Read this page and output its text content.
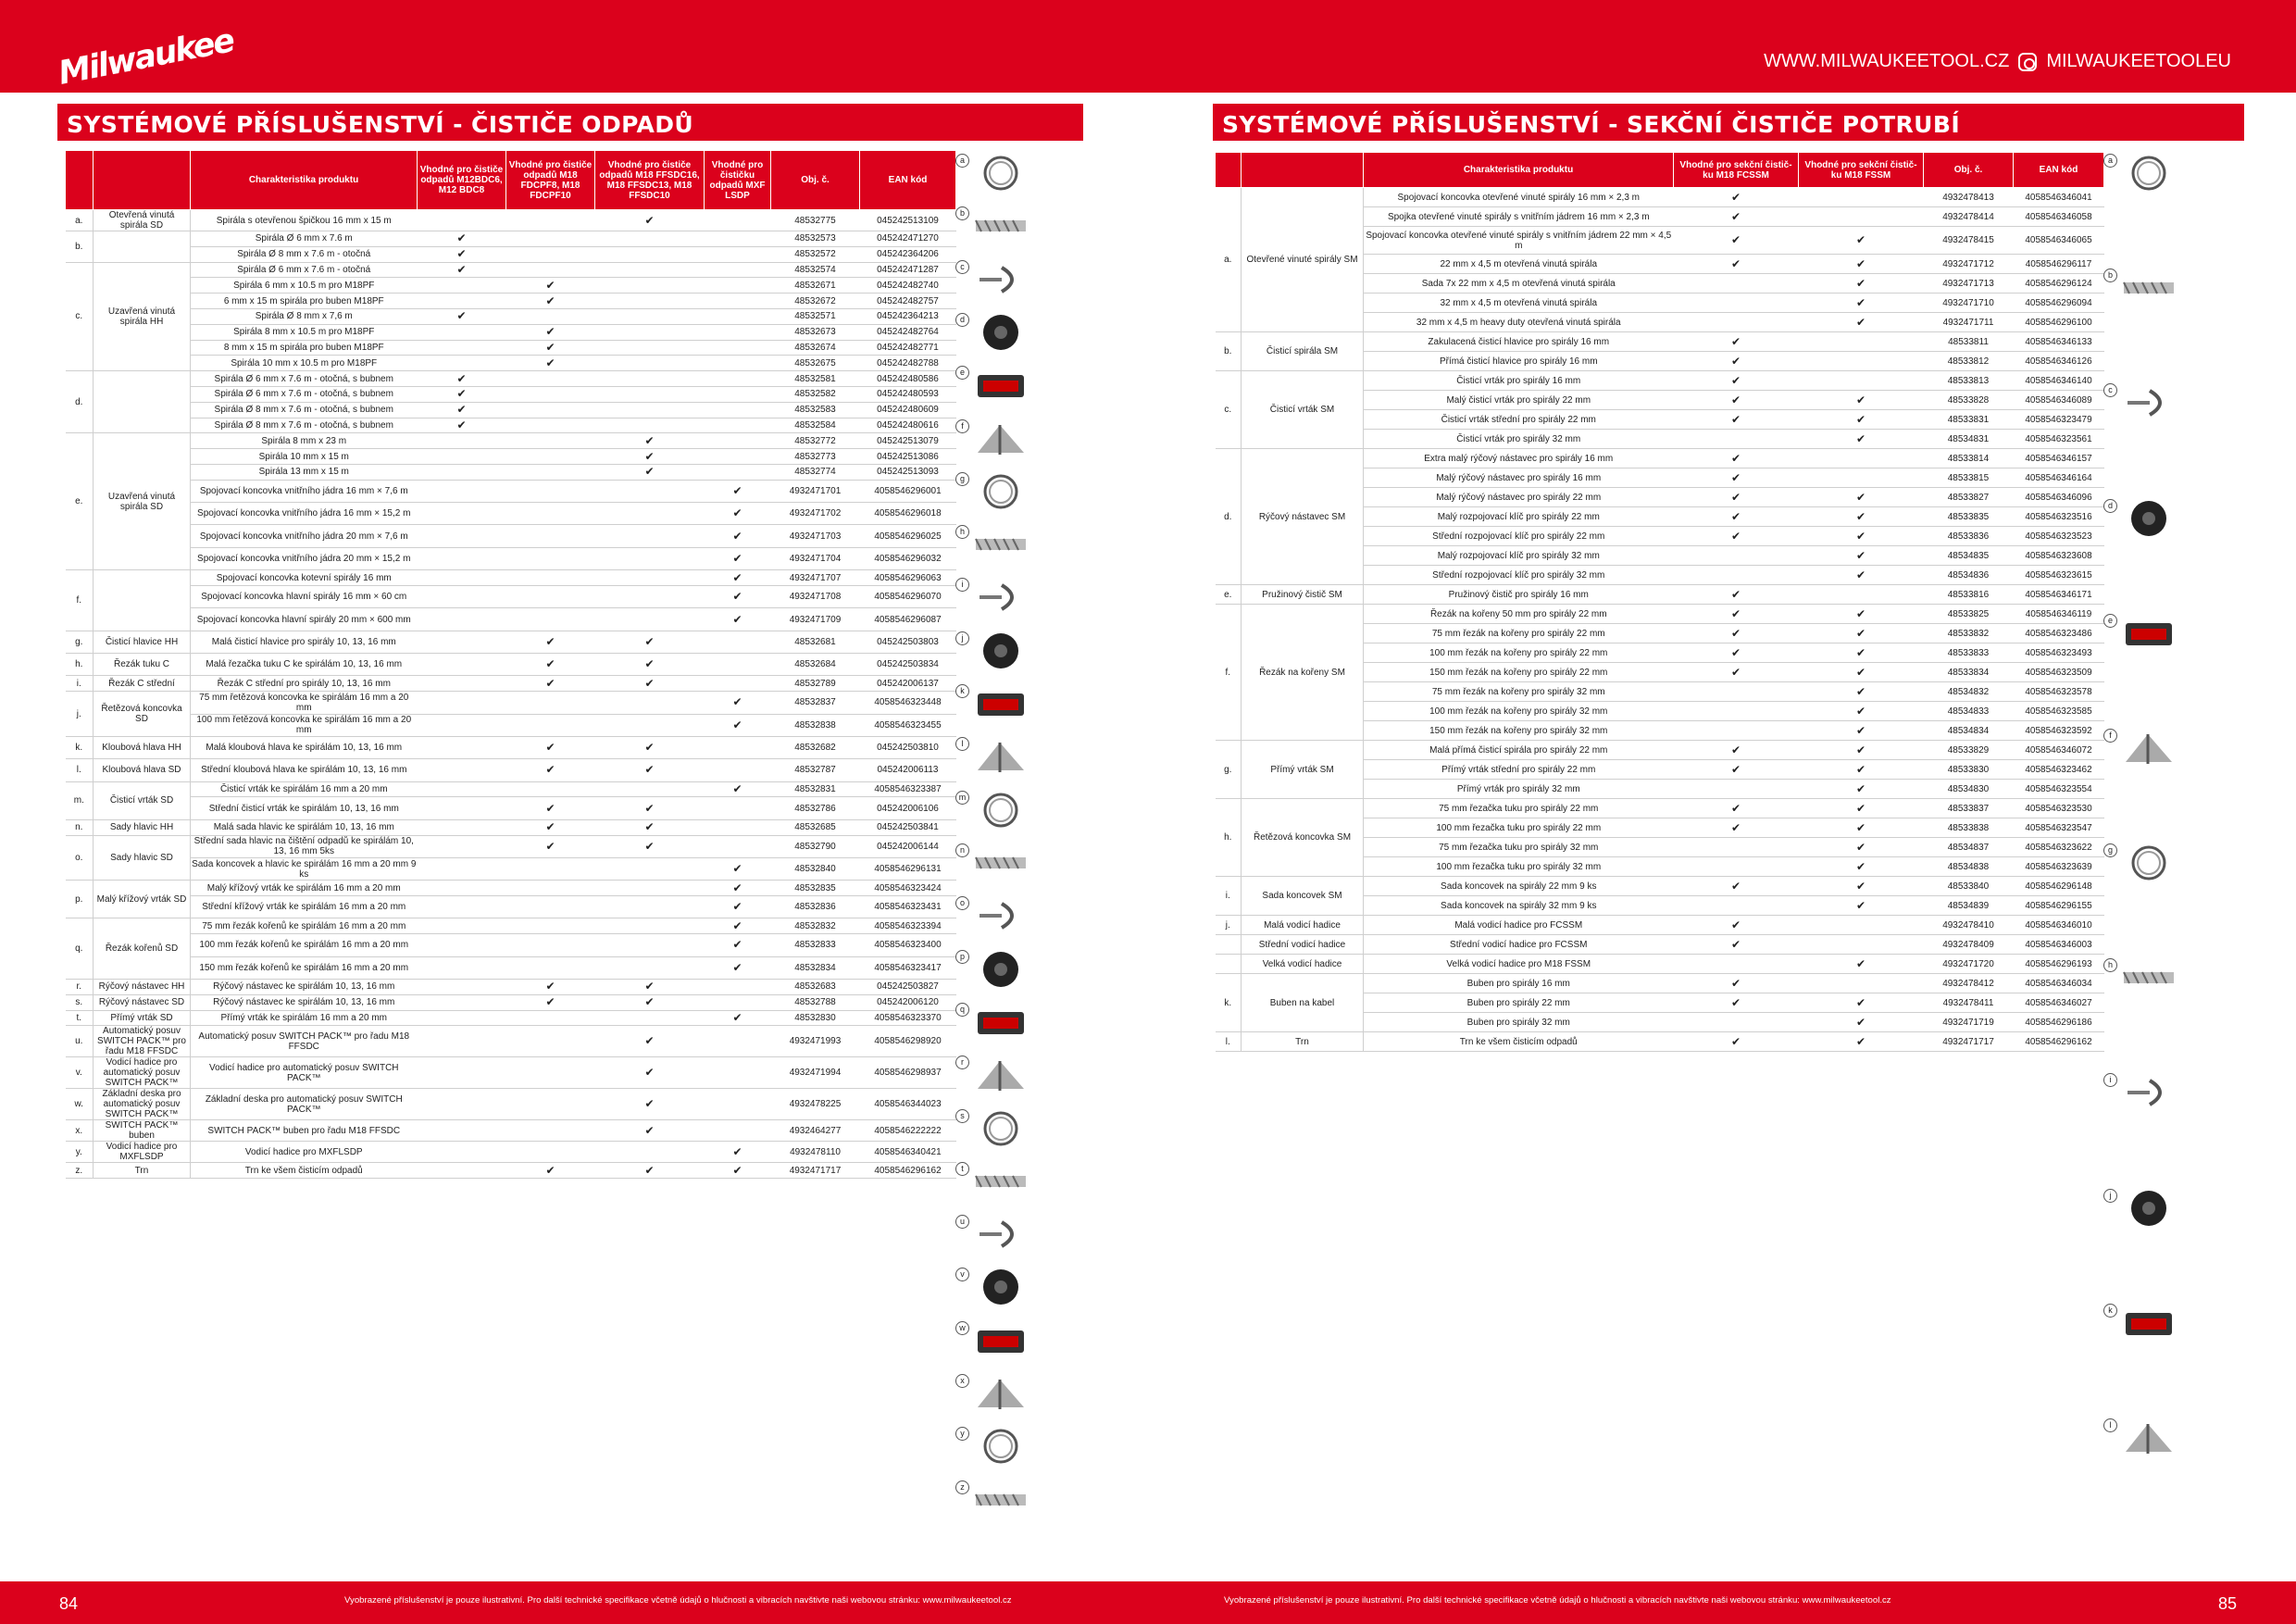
Milwaukee	WWW.MILWAUKEETOOL.CZ MILWAUKEETOOLEU
SYSTÉMOVÉ PŘÍSLUŠENSTVÍ - ČISTIČE ODPADŮ
		Charakteristika produktu	Vhodné pro čističe odpadů M12BDC6, M12 BDC8	Vhodné pro čističe odpadů M18 FDCPF8, M18 FDCPF10	Vhodné pro čističe odpadů M18 FFSDC16, M18 FFSDC13, M18 FFSDC10	Vhodné pro čističku odpadů MXF LSDP	Obj. č.	EAN kód
a.	Otevřená vinutá spirála SD	Spirála s otevřenou špičkou 16 mm x 15 m			✔		48532775	045242513109
b.		Spirála Ø 6 mm x 7.6 m	✔				48532573	045242471270
		Spirála Ø 8 mm x 7.6 m - otočná	✔				48532572	045242364206
c.	Uzavřená vinutá spirála HH	Spirála Ø 6 mm x 7.6 m - otočná	✔				48532574	045242471287
		Spirála 6 mm x 10.5 m pro M18PF		✔			48532671	045242482740
		6 mm x 15 m spirála pro buben M18PF		✔			48532672	045242482757
		Spirála Ø 8 mm x 7,6 m	✔				48532571	045242364213
		Spirála 8 mm x 10.5 m pro M18PF		✔			48532673	045242482764
		8 mm x 15 m spirála pro buben M18PF		✔			48532674	045242482771
		Spirála 10 mm x 10.5 m pro M18PF		✔			48532675	045242482788
d.		Spirála Ø 6 mm x 7.6 m - otočná, s bubnem	✔				48532581	045242480586
		Spirála Ø 6 mm x 7.6 m - otočná, s bubnem	✔				48532582	045242480593
		Spirála Ø 8 mm x 7.6 m - otočná, s bubnem	✔				48532583	045242480609
		Spirála Ø 8 mm x 7.6 m - otočná, s bubnem	✔				48532584	045242480616
e.	Uzavřená vinutá spirála SD	Spirála 8 mm x 23 m			✔		48532772	045242513079
		Spirála 10 mm x 15 m			✔		48532773	045242513086
		Spirála 13 mm x 15 m			✔		48532774	045242513093
		Spojovací koncovka vnitřního jádra 16 mm × 7,6 m				✔	4932471701	4058546296001
		Spojovací koncovka vnitřního jádra 16 mm × 15,2 m				✔	4932471702	4058546296018
		Spojovací koncovka vnitřního jádra 20 mm × 7,6 m				✔	4932471703	4058546296025
		Spojovací koncovka vnitřního jádra 20 mm × 15,2 m				✔	4932471704	4058546296032
f.		Spojovací koncovka kotevní spirály 16 mm				✔	4932471707	4058546296063
		Spojovací koncovka hlavní spirály 16 mm × 60 cm				✔	4932471708	4058546296070
		Spojovací koncovka hlavní spirály 20 mm × 600 mm				✔	4932471709	4058546296087
g.	Čisticí hlavice HH	Malá čisticí hlavice pro spirály 10, 13, 16 mm		✔	✔		48532681	045242503803
h.	Řezák tuku C	Malá řezačka tuku C ke spirálám 10, 13, 16 mm		✔	✔		48532684	045242503834
i.	Řezák C střední	Řezák C střední pro spirály 10, 13, 16 mm		✔	✔		48532789	045242006137
j.	Řetězová koncovka SD	75 mm řetězová koncovka ke spirálám 16 mm a 20 mm				✔	48532837	4058546323448
		100 mm řetězová koncovka ke spirálám 16 mm a 20 mm				✔	48532838	4058546323455
k.	Kloubová hlava HH	Malá kloubová hlava ke spirálám 10, 13, 16 mm		✔	✔		48532682	045242503810
l.	Kloubová hlava SD	Střední kloubová hlava ke spirálám 10, 13, 16 mm		✔	✔		48532787	045242006113
m.	Čisticí vrták SD	Čisticí vrták ke spirálám 16 mm a 20 mm				✔	48532831	4058546323387
		Střední čisticí vrták ke spirálám 10, 13, 16 mm		✔	✔		48532786	045242006106
n.	Sady hlavic HH	Malá sada hlavic ke spirálám 10, 13, 16 mm		✔	✔		48532685	045242503841
o.	Sady hlavic SD	Střední sada hlavic na čištění odpadů ke spirálám 10, 13, 16 mm 5ks		✔	✔		48532790	045242006144
		Sada koncovek a hlavic ke spirálám 16 mm a 20 mm 9 ks				✔	48532840	4058546296131
p.	Malý křížový vrták SD	Malý křížový vrták ke spirálám 16 mm a 20 mm				✔	48532835	4058546323424
		Střední křížový vrták ke spirálám 16 mm a 20 mm				✔	48532836	4058546323431
q.	Řezák kořenů SD	75 mm řezák kořenů ke spirálám 16 mm a 20 mm				✔	48532832	4058546323394
		100 mm řezák kořenů ke spirálám 16 mm a 20 mm				✔	48532833	4058546323400
		150 mm řezák kořenů ke spirálám 16 mm a 20 mm				✔	48532834	4058546323417
r.	Rýčový nástavec HH	Rýčový nástavec ke spirálám 10, 13, 16 mm		✔	✔		48532683	045242503827
s.	Rýčový nástavec SD	Rýčový nástavec ke spirálám 10, 13, 16 mm		✔	✔		48532788	045242006120
t.	Přímý vrták SD	Přímý vrták ke spirálám 16 mm a 20 mm				✔	48532830	4058546323370
u.	Automatický posuv SWITCH PACK™ pro řadu M18 FFSDC	Automatický posuv SWITCH PACK™ pro řadu M18 FFSDC			✔		4932471993	4058546298920
v.	Vodicí hadice pro automatický posuv SWITCH PACK™	Vodicí hadice pro automatický posuv SWITCH PACK™			✔		4932471994	4058546298937
w.	Základní deska pro automatický posuv SWITCH PACK™	Základní deska pro automatický posuv SWITCH PACK™			✔		4932478225	4058546344023
x.	SWITCH PACK™ buben	SWITCH PACK™ buben pro řadu M18 FFSDC			✔		4932464277	4058546222222
y.	Vodicí hadice pro MXFLSDP	Vodicí hadice pro MXFLSDP				✔	4932478110	4058546340421
z.	Trn	Trn ke všem čisticím odpadů		✔	✔	✔	4932471717	4058546296162
a
b
c
d
e
f
g
h
i
j
k
l
m
n
o
p
q
r
s
t
u
v
w
x
y
z
SYSTÉMOVÉ PŘÍSLUŠENSTVÍ - SEKČNÍ ČISTIČE POTRUBÍ
		Charakteristika produktu	Vhodné pro sekční čistič-ku M18 FCSSM	Vhodné pro sekční čistič-ku M18 FSSM	Obj. č.	EAN kód
a.	Otevřené vinuté spirály SM	Spojovací koncovka otevřené vinuté spirály 16 mm × 2,3 m	✔		4932478413	4058546346041
		Spojka otevřené vinuté spirály s vnitřním jádrem 16 mm × 2,3 m	✔		4932478414	4058546346058
		Spojovací koncovka otevřené vinuté spirály s vnitřním jádrem 22 mm × 4,5 m	✔	✔	4932478415	4058546346065
		22 mm x 4,5 m otevřená vinutá spirála	✔	✔	4932471712	4058546296117
		Sada 7x 22 mm x 4,5 m otevřená vinutá spirála		✔	4932471713	4058546296124
		32 mm x 4,5 m otevřená vinutá spirála		✔	4932471710	4058546296094
		32 mm x 4,5 m heavy duty otevřená vinutá spirála		✔	4932471711	4058546296100
b.	Čisticí spirála SM	Zakulacená čisticí hlavice pro spirály 16 mm	✔		48533811	4058546346133
		Přímá čisticí hlavice pro spirály 16 mm	✔		48533812	4058546346126
c.	Čisticí vrták SM	Čisticí vrták pro spirály 16 mm	✔		48533813	4058546346140
		Malý čisticí vrták pro spirály 22 mm	✔	✔	48533828	4058546346089
		Čisticí vrták střední pro spirály 22 mm	✔	✔	48533831	4058546323479
		Čisticí vrták pro spirály 32 mm		✔	48534831	4058546323561
d.	Rýčový nástavec SM	Extra malý rýčový nástavec pro spirály 16 mm	✔		48533814	4058546346157
		Malý rýčový nástavec pro spirály 16 mm	✔		48533815	4058546346164
		Malý rýčový nástavec pro spirály 22 mm	✔	✔	48533827	4058546346096
		Malý rozpojovací klíč pro spirály 22 mm	✔	✔	48533835	4058546323516
		Střední rozpojovací klíč pro spirály 22 mm	✔	✔	48533836	4058546323523
		Malý rozpojovací klíč pro spirály 32 mm		✔	48534835	4058546323608
		Střední rozpojovací klíč pro spirály 32 mm		✔	48534836	4058546323615
e.	Pružinový čistič SM	Pružinový čistič pro spirály 16 mm	✔		48533816	4058546346171
f.	Řezák na kořeny SM	Řezák na kořeny 50 mm pro spirály 22 mm	✔	✔	48533825	4058546346119
		75 mm řezák na kořeny pro spirály 22 mm	✔	✔	48533832	4058546323486
		100 mm řezák na kořeny pro spirály 22 mm	✔	✔	48533833	4058546323493
		150 mm řezák na kořeny pro spirály 22 mm	✔	✔	48533834	4058546323509
		75 mm řezák na kořeny pro spirály 32 mm		✔	48534832	4058546323578
		100 mm řezák na kořeny pro spirály 32 mm		✔	48534833	4058546323585
		150 mm řezák na kořeny pro spirály 32 mm		✔	48534834	4058546323592
g.	Přímý vrták SM	Malá přímá čisticí spirála pro spirály 22 mm	✔	✔	48533829	4058546346072
		Přímý vrták střední pro spirály 22 mm	✔	✔	48533830	4058546323462
		Přímý vrták pro spirály 32 mm		✔	48534830	4058546323554
h.	Řetězová koncovka SM	75 mm řezačka tuku pro spirály 22 mm	✔	✔	48533837	4058546323530
		100 mm řezačka tuku pro spirály 22 mm	✔	✔	48533838	4058546323547
		75 mm řezačka tuku pro spirály 32 mm		✔	48534837	4058546323622
		100 mm řezačka tuku pro spirály 32 mm		✔	48534838	4058546323639
i.	Sada koncovek SM	Sada koncovek na spirály 22 mm 9 ks	✔	✔	48533840	4058546296148
		Sada koncovek na spirály 32 mm 9 ks		✔	48534839	4058546296155
j.	Malá vodicí hadice	Malá vodicí hadice pro FCSSM	✔		4932478410	4058546346010
	Střední vodicí hadice	Střední vodicí hadice pro FCSSM	✔		4932478409	4058546346003
	Velká vodicí hadice	Velká vodicí hadice pro M18 FSSM		✔	4932471720	4058546296193
k.	Buben na kabel	Buben pro spirály 16 mm	✔		4932478412	4058546346034
		Buben pro spirály 22 mm	✔	✔	4932478411	4058546346027
		Buben pro spirály 32 mm		✔	4932471719	4058546296186
l.	Trn	Trn ke všem čisticím odpadů	✔	✔	4932471717	4058546296162
a
b
c
d
e
f
g
h
i
j
k
l
84	Vyobrazené příslušenství je pouze ilustrativní. Pro další technické specifikace včetně údajů o hlučnosti a vibracích navštivte naši webovou stránku: www.milwaukeetool.cz	Vyobrazené příslušenství je pouze ilustrativní. Pro další technické specifikace včetně údajů o hlučnosti a vibracích navštivte naši webovou stránku: www.milwaukeetool.cz	85
